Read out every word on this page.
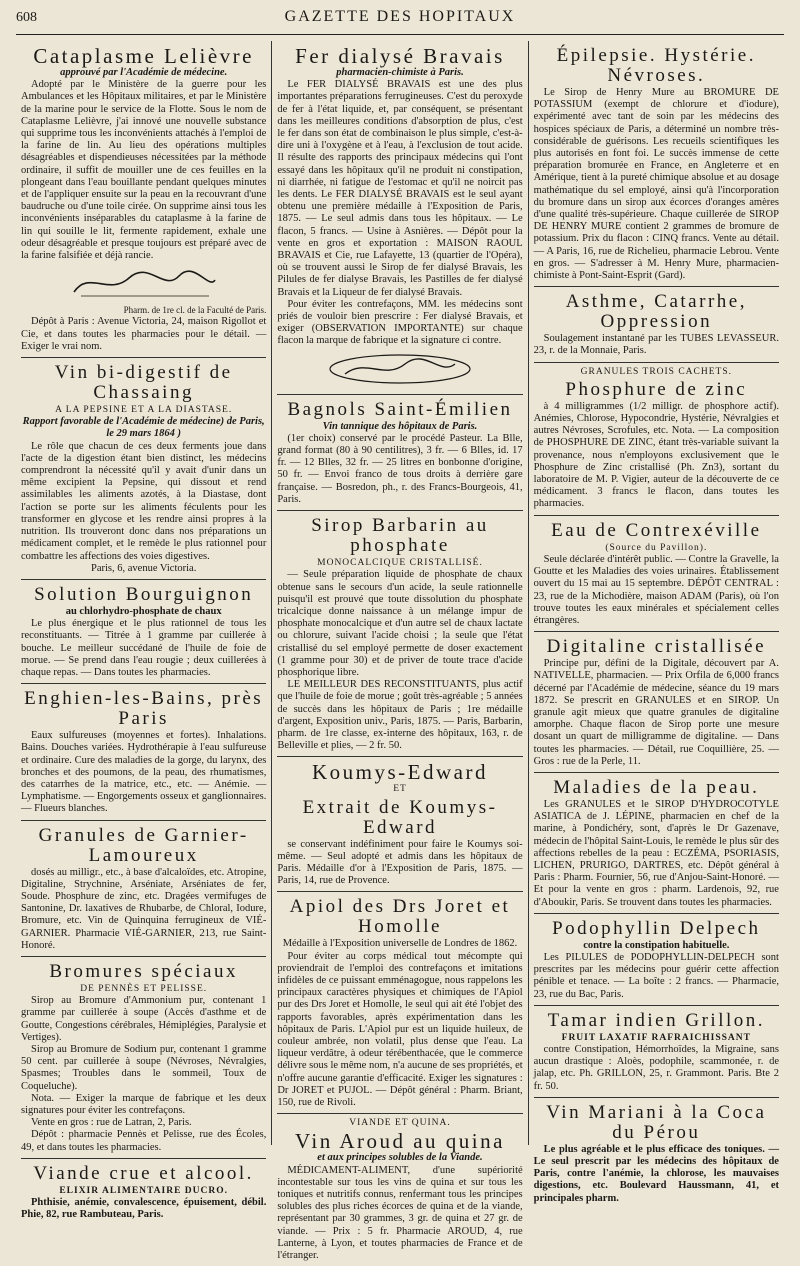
608	GAZETTE DES HOPITAUX
Cataplasme Lelièvre
approuvé par l'Académie de médecine.

Adopté par le Ministère de la guerre pour les Ambulances et les Hôpitaux militaires, et par le Ministère de la marine pour le service de la Flotte. Sous le nom de Cataplasme Lelièvre, j'ai innové une nouvelle substance qui supprime tous les inconvénients attachés à l'emploi de la farine de lin. Au lieu des opérations multiples désagréables et dispendieuses nécessitées par la méthode ordinaire, il suffit de mouiller une de ces feuilles en la plongeant dans l'eau bouillante pendant quelques minutes et de l'appliquer ensuite sur la peau en la recouvrant d'une baudruche ou d'une toile cirée. On supprime ainsi tous les inconvénients inséparables du cataplasme à la farine de lin qui souille le lit, fermente rapidement, exhale une odeur désagréable et presque toujours est préparé avec de la farine falsifiée et déjà rancie.

Pharm. de 1re cl. de la Faculté de Paris.

Dépôt à Paris : Avenue Victoria, 24, maison Rigollot et Cie, et dans toutes les pharmacies pour le détail. — Exiger le vrai nom.

Vin bi-digestif de Chassaing
A LA PEPSINE ET A LA DIASTASE.
Rapport favorable de l'Académie de médecine) de Paris, le 29 mars 1864 )

Le rôle que chacun de ces deux ferments joue dans l'acte de la digestion étant bien distinct, les médecins comprendront la nécessité qu'il y avait d'unir dans un même excipient la Pepsine, qui dissout et rend assimilables les aliments azotés, à la Diastase, dont l'action se porte sur les aliments féculents pour les transformer en glycose et les rendre ainsi propres à la nutrition. Ils trouveront donc dans nos préparations un médicament complet, et le remède le plus rationnel pour combattre les affections des voies digestives.

Paris, 6, avenue Victoria.
Solution Bourguignon
au chlorhydro-phosphate de chaux

Le plus énergique et le plus rationnel de tous les reconstituants. — Titrée à 1 gramme par cuillerée à bouche. Le meilleur succédané de l'huile de foie de morue. — Se prend dans l'eau rougie ; deux cuillerées à chaque repas. — Dans toutes les pharmacies.

Enghien-les-Bains, près Paris

Eaux sulfureuses (moyennes et fortes). Inhalations. Bains. Douches variées. Hydrothérapie à l'eau sulfureuse et ordinaire. Cure des maladies de la gorge, du larynx, des bronches et des poumons, de la peau, des rhumatismes, des catarrhes de la matrice, etc., etc. — Anémie. — Lymphatisme. — Engorgements osseux et ganglionnaires. — Flueurs blanches.

Granules de Garnier-Lamoureux

dosés au milligr., etc., à base d'alcaloïdes, etc. Atropine, Digitaline, Strychnine, Arséniate, Arséniates de fer, Soude. Phosphure de zinc, etc. Dragées vermifuges de Santonine, Dr. laxatives de Rhubarbe, de Chloral, Iodure, Bromure, etc. Vin de Quinquina ferrugineux de VIÉ-GARNIER. Pharmacie VIÉ-GARNIER, 213, rue Saint-Honoré.

Bromures spéciaux
DE PENNÈS ET PELISSE.

Sirop au Bromure d'Ammonium pur, contenant 1 gramme par cuillerée à soupe (Accès d'asthme et de Goutte, Congestions cérébrales, Hémiplégies, Paralysie et Vertiges).

Sirop au Bromure de Sodium pur, contenant 1 gramme 50 cent. par cuillerée à soupe (Névroses, Névralgies, Spasmes; Troubles dans le sommeil, Toux de Coqueluche).

Nota. — Exiger la marque de fabrique et les deux signatures pour éviter les contrefaçons.

Vente en gros : rue de Latran, 2, Paris.

Dépôt : pharmacie Pennès et Pelisse, rue des Écoles, 49, et dans toutes les pharmacies.

Viande crue et alcool.
ELIXIR ALIMENTAIRE DUCRO.

Phthisie, anémie, convalescence, épuisement, débil. Phie, 82, rue Rambuteau, Paris.

Fer dialysé Bravais
pharmacien-chimiste à Paris.

Le FER DIALYSÉ BRAVAIS est une des plus importantes préparations ferrugineuses. C'est du peroxyde de fer à l'état liquide, et, par conséquent, se présentant dans les meilleures conditions d'absorption de plus, c'est le fer dans son état de combinaison le plus simple, c'est-à-dire uni à l'oxygène et à l'eau, à l'exclusion de tout acide. Il résulte des rapports des principaux médecins qui l'ont essayé dans les hôpitaux qu'il ne produit ni constipation, ni diarrhée, ni fatigue de l'estomac et qu'il ne noircit pas les dents. Le FER DIALYSÉ BRAVAIS est le seul ayant obtenu une première médaille à l'Exposition de Paris, 1875. — Le seul admis dans tous les hôpitaux. — Le flacon, 5 francs. — Usine à Asnières. — Dépôt pour la vente en gros et exportation : MAISON RAOUL BRAVAIS et Cie, rue Lafayette, 13 (quartier de l'Opéra), où se trouvent aussi le Sirop de fer dialysé Bravais, les Pilules de fer dialyse Bravais, les Pastilles de fer dialysé Bravais et la Liqueur de fer dialysé Bravais.

Pour éviter les contrefaçons, MM. les médecins sont priés de vouloir bien prescrire : Fer dialysé Bravais, et exiger (OBSERVATION IMPORTANTE) sur chaque flacon la marque de fabrique et la signature ci contre.

Bagnols Saint-Émilien
Vin tannique des hôpitaux de Paris.

(1er choix) conservé par le procédé Pasteur. La Blle, grand format (80 à 90 centilitres), 3 fr. — 6 Blles, id. 17 fr. — 12 Blles, 32 fr. — 25 litres en bonbonne d'origine, 50 fr. — Envoi franco de tous droits à derrière gare française. — Bosredon, ph., r. des Francs-Bourgeois, 41, Paris.

Sirop Barbarin au phosphate
MONOCALCIQUE CRISTALLISÉ.

— Seule préparation liquide de phosphate de chaux obtenue sans le secours d'un acide, la seule rationnelle puisqu'il est prouvé que toute dissolution du phosphate tricalcique donne naissance à un mélange impur de phosphate monocalcique et d'un autre sel de chaux lactate ou chlorure, suivant l'acide choisi ; la seule que l'état cristallisé du sel employé permette de doser exactement (1 gramme pour 30) et de priver de toute trace d'acide phosphorique libre.

LE MEILLEUR DES RECONSTITUANTS, plus actif que l'huile de foie de morue ; goût très-agréable ; 5 années de succès dans les hôpitaux de Paris ; 1re médaille d'argent, Exposition univ., Paris, 1875. — Paris, Barbarin, pharm. de 1re classe, ex-interne des hôpitaux, 163, r. de Belleville et plies, — 2 fr. 50.

Koumys-Edward
ET
Extrait de Koumys-Edward

se conservant indéfiniment pour faire le Koumys soi-même. — Seul adopté et admis dans les hôpitaux de Paris. Médaille d'or à l'Exposition de Paris, 1875. — Paris, 14, rue de Provence.

Apiol des Drs Joret et Homolle
Médaille à l'Exposition universelle de Londres de 1862.

Pour éviter au corps médical tout mécompte qui proviendrait de l'emploi des contrefaçons et imitations infidèles de ce puissant emménagogue, nous rappelons les principaux caractères physiques et chimiques de l'Apiol pur des Drs Joret et Homolle, le seul qui ait été l'objet des rapports favorables, après expérimentation dans les hôpitaux de Paris. L'Apiol pur est un liquide huileux, de couleur ambrée, non volatil, plus dense que l'eau. La liqueur verdâtre, à odeur térébenthacée, que le commerce délivre sous le même nom, n'a aucune de ses propriétés, et n'offre aucune garantie d'efficacité. Exiger les signatures : Dr JORET et PUJOL. — Dépôt général : Pharm. Briant, 150, rue de Rivoli.

VIANDE ET QUINA.
Vin Aroud au quina
et aux principes solubles de la Viande.

MÉDICAMENT-ALIMENT, d'une supériorité incontestable sur tous les vins de quina et sur tous les toniques et nutritifs connus, renfermant tous les principes solubles des plus riches écorces de quina et de la viande, représentant par 30 grammes, 3 gr. de quina et 27 gr. de viande. — Prix : 5 fr. Pharmacie AROUD, 4, rue Lanterne, à Lyon, et toutes pharmacies de France et de l'étranger.

Épilepsie. Hystérie. Névroses.

Le Sirop de Henry Mure au BROMURE DE POTASSIUM (exempt de chlorure et d'iodure), expérimenté avec tant de soin par les médecins des hospices spéciaux de Paris, a déterminé un nombre très-considérable de guérisons. Les recueils scientifiques les plus autorisés en font foi. Le succès immense de cette préparation bromurée en France, en Angleterre et en Amérique, tient à la pureté chimique absolue et au dosage mathématique du sel employé, ainsi qu'à l'incorporation du bromure dans un sirop aux écorces d'oranges amères d'une qualité très-supérieure. Chaque cuillerée de SIROP DE HENRY MURE contient 2 grammes de bromure de potassium. Prix du flacon : CINQ francs. Vente au détail. — A Paris, 16, rue de Richelieu, pharmacie Lebrou. Vente en gros. — S'adresser à M. Henry Mure, pharmacien-chimiste à Pont-Saint-Esprit (Gard).

Asthme, Catarrhe, Oppression

Soulagement instantané par les TUBES LEVASSEUR. 23, r. de la Monnaie, Paris.

GRANULES TROIS CACHETS.
Phosphure de zinc

à 4 milligrammes (1/2 milligr. de phosphore actif). Anémies, Chlorose, Hypocondrie, Hystérie, Névralgies et autres Névroses, Scrofules, etc. Nota. — La composition de PHOSPHURE DE ZINC, étant très-variable suivant la provenance, nous n'employons exclusivement que le Phosphure de Zinc cristallisé (Ph. Zn3), sortant du laboratoire de M. P. Vigier, auteur de la découverte de ce médicament. 3 francs le flacon, dans toutes les pharmacies.

Eau de Contrexéville
(Source du Pavillon).

Seule déclarée d'intérêt public. — Contre la Gravelle, la Goutte et les Maladies des voies urinaires. Établissement ouvert du 15 mai au 15 septembre. DÉPÔT CENTRAL : 23, rue de la Michodière, maison ADAM (Paris), où l'on trouve toutes les eaux minérales et spécialement celles étrangères.

Digitaline cristallisée

Principe pur, défini de la Digitale, découvert par A. NATIVELLE, pharmacien. — Prix Orfila de 6,000 francs décerné par l'Académie de médecine, séance du 19 mars 1872. Se prescrit en GRANULES et en SIROP. Un granule agit mieux que quatre granules de digitaline amorphe. Chaque flacon de Sirop porte une mesure dosant un quart de milligramme de digitaline. — Dans toutes les pharmacies. — Détail, rue Coquillière, 25. — Gros : rue de la Perle, 11.

Maladies de la peau.

Les GRANULES et le SIROP D'HYDROCOTYLE ASIATICA de J. LÉPINE, pharmacien en chef de la marine, à Pondichéry, sont, d'après le Dr Gazenave, médecin de l'hôpital Saint-Louis, le remède le plus sûr des affections rebelles de la peau : ECZÉMA, PSORIASIS, LICHEN, PRURIGO, DARTRES, etc. Dépôt général à Paris : Pharm. Fournier, 56, rue d'Anjou-Saint-Honoré. — Et pour la vente en gros : pharm. Lardenois, 92, rue d'Aboukir, Paris. Se trouvent dans toutes les pharmacies.

Podophyllin Delpech
contre la constipation habituelle.

Les PILULES de PODOPHYLLIN-DELPECH sont prescrites par les médecins pour guérir cette affection pénible et tenace. — La boîte : 2 francs. — Pharmacie, 23, rue du Bac, Paris.

Tamar indien Grillon.
FRUIT LAXATIF RAFRAICHISSANT

contre Constipation, Hémorrhoïdes, la Migraine, sans aucun drastique : Aloès, podophile, scammonée, r. de jalap, etc. Ph. GRILLON, 25, r. Grammont. Paris. Bte 2 fr. 50.

Vin Mariani à la Coca du Pérou

Le plus agréable et le plus efficace des toniques. — Le seul prescrit par les médecins des hôpitaux de Paris, contre l'anémie, la chlorose, les mauvaises digestions, etc. Boulevard Haussmann, 41, et principales pharm.
